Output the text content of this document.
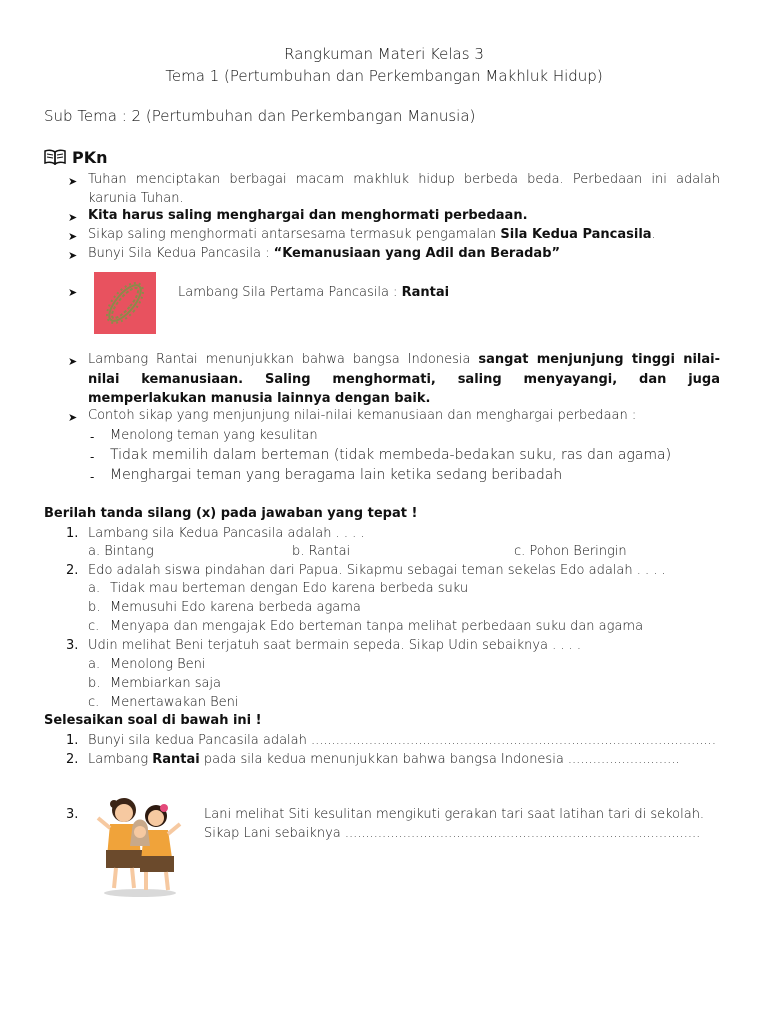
Rangkuman Materi Kelas 3
Tema 1 (Pertumbuhan dan Perkembangan Makhluk Hidup)
Sub Tema : 2 (Pertumbuhan dan Perkembangan Manusia)
PKn
➤ Tuhan menciptakan berbagai macam makhluk hidup berbeda beda. Perbedaan ini adalah
karunia Tuhan.
➤ Kita harus saling menghargai dan menghormati perbedaan.
➤ Sikap saling menghormati antarsesama termasuk pengamalan Sila Kedua Pancasila.
➤ Bunyi Sila Kedua Pancasila : “Kemanusiaan yang Adil dan Beradab”
➤	Lambang Sila Pertama Pancasila : Rantai
➤ Lambang Rantai menunjukkan bahwa bangsa Indonesia sangat menjunjung tinggi nilai-
nilai kemanusiaan. Saling menghormati, saling menyayangi, dan juga
memperlakukan manusia lainnya dengan baik.
➤ Contoh sikap yang menjunjung nilai-nilai kemanusiaan dan menghargai perbedaan :
- Menolong teman yang kesulitan
- Tidak memilih dalam berteman (tidak membeda-bedakan suku, ras dan agama)
- Menghargai teman yang beragama lain ketika sedang beribadah
Berilah tanda silang (x) pada jawaban yang tepat !
1. Lambang sila Kedua Pancasila adalah . . . .
a. Bintang	b. Rantai	c. Pohon Beringin
2. Edo adalah siswa pindahan dari Papua. Sikapmu sebagai teman sekelas Edo adalah . . . .
a. Tidak mau berteman dengan Edo karena berbeda suku
b. Memusuhi Edo karena berbeda agama
c. Menyapa dan mengajak Edo berteman tanpa melihat perbedaan suku dan agama
3. Udin melihat Beni terjatuh saat bermain sepeda. Sikap Udin sebaiknya . . . .
a. Menolong Beni
b. Membiarkan saja
c. Menertawakan Beni
Selesaikan soal di bawah ini !
1. Bunyi sila kedua Pancasila adalah ..................................................................................................
2. Lambang Rantai pada sila kedua menunjukkan bahwa bangsa Indonesia ...........................
3.	Lani melihat Siti kesulitan mengikuti gerakan tari saat latihan tari di sekolah.
Sikap Lani sebaiknya ......................................................................................
